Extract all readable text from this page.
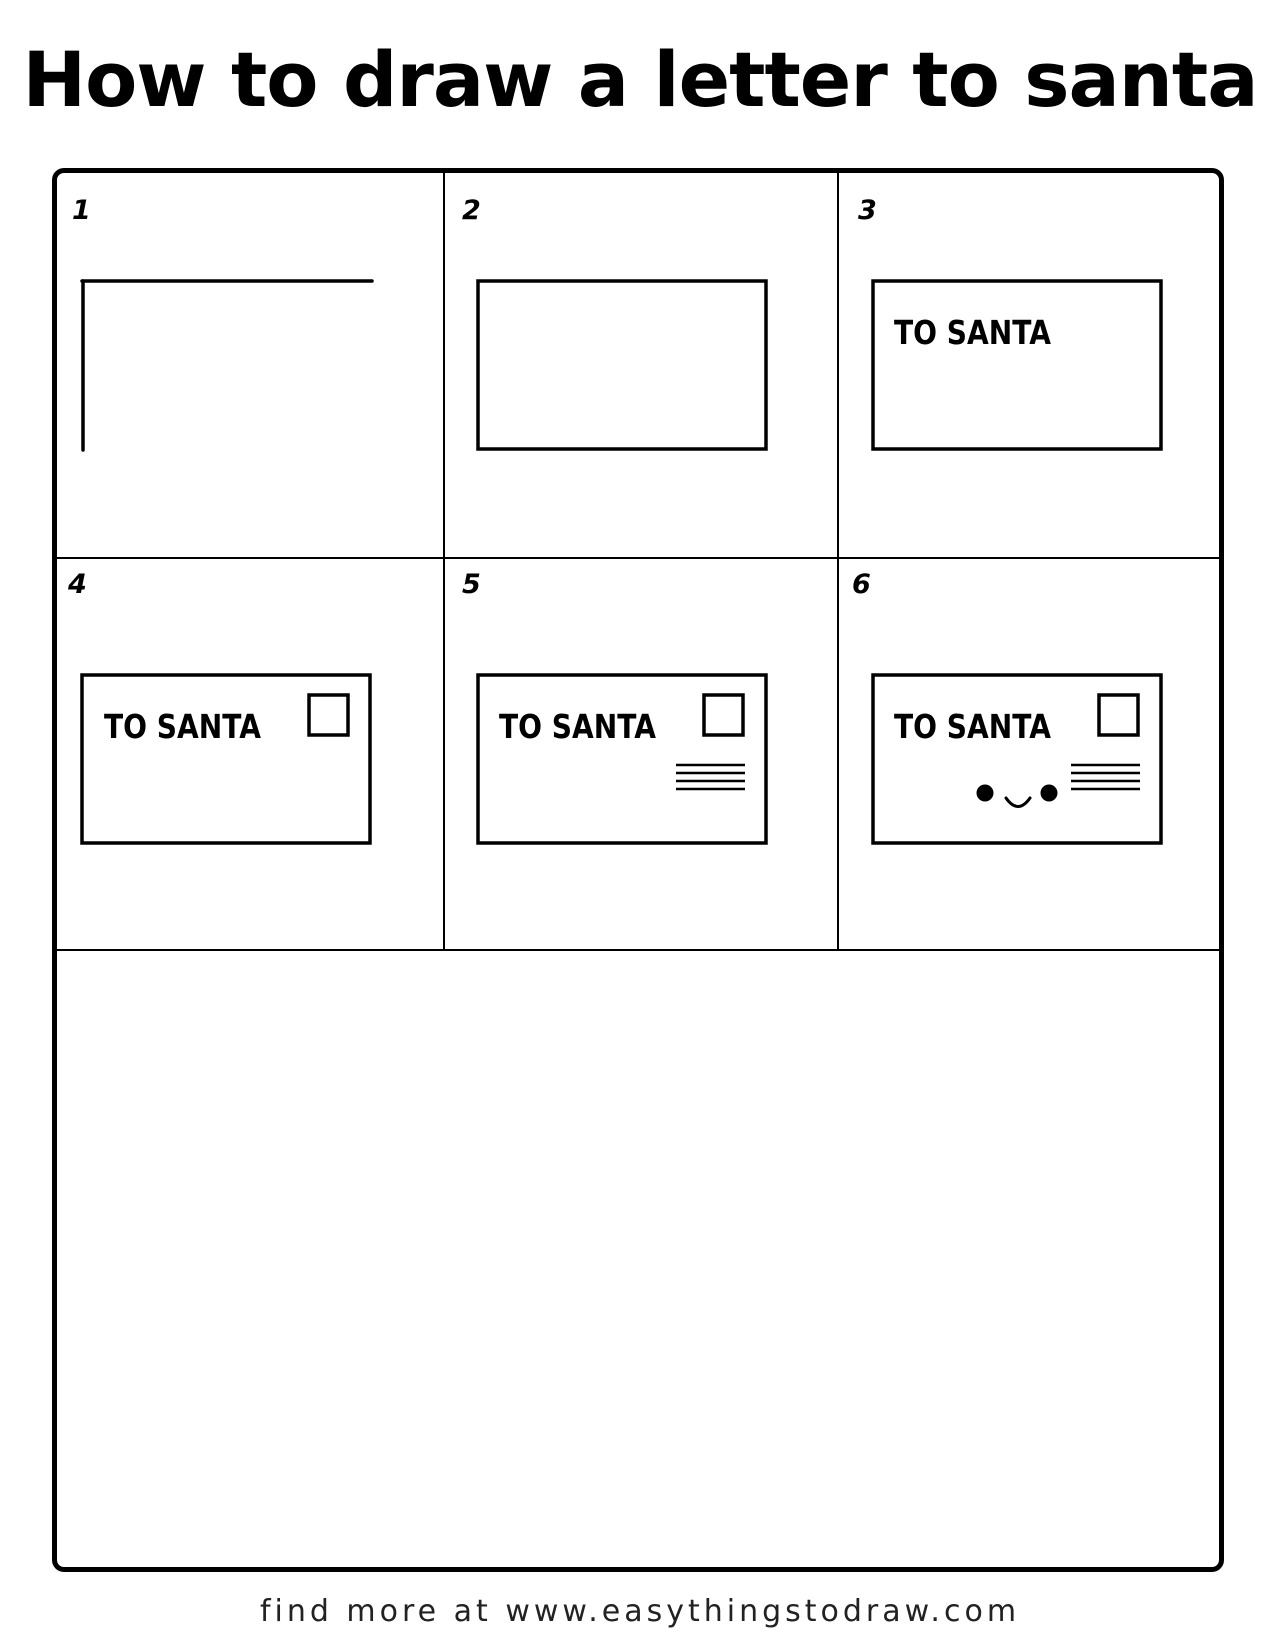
How to draw a letter to santa
1	2	3
4	5	6
TO SANTA
TO SANTA	TO SANTA	TO SANTA
find more at www.easythingstodraw.com
